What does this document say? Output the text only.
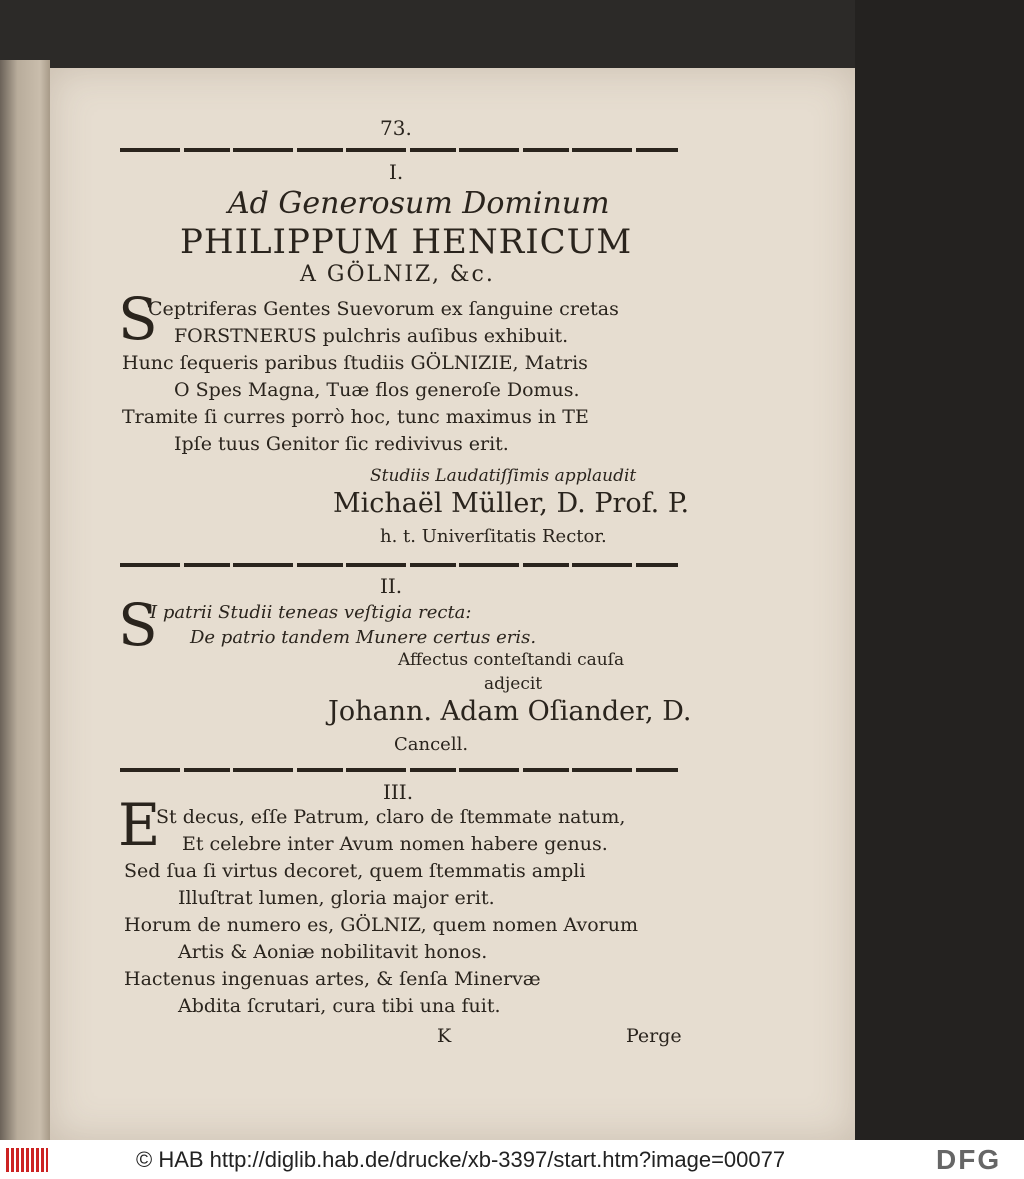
73.
I.
Ad Generosum Dominum
PHILIPPUM HENRICUM
A GÖLNIZ, &c.
S
Ceptriferas Gentes Suevorum ex ſanguine cretas
FORSTNERUS pulchris auſibus exhibuit.
Hunc ſequeris paribus ſtudiis GÖLNIZIE, Matris
O Spes Magna, Tuæ flos generoſe Domus.
Tramite ſi curres porrò hoc, tunc maximus in TE
Ipſe tuus Genitor ſic redivivus erit.
Studiis Laudatiſſimis applaudit
Michaël Müller, D. Prof. P.
h. t. Univerſitatis Rector.
II.
S
I patrii Studii teneas veſtigia recta:
De patrio tandem Munere certus eris.
Affectus conteſtandi cauſa
adjecit
Johann. Adam Oſiander, D.
Cancell.
III.
E
St decus, eſſe Patrum, claro de ſtemmate natum,
Et celebre inter Avum nomen habere genus.
Sed ſua ſi virtus decoret, quem ſtemmatis ampli
Illuſtrat lumen, gloria major erit.
Horum de numero es, GÖLNIZ, quem nomen Avorum
Artis & Aoniæ nobilitavit honos.
Hactenus ingenuas artes, & ſenſa Minervæ
Abdita ſcrutari, cura tibi una fuit.
K	Perge
© HAB http://diglib.hab.de/drucke/xb-3397/start.htm?image=00077	DFG
